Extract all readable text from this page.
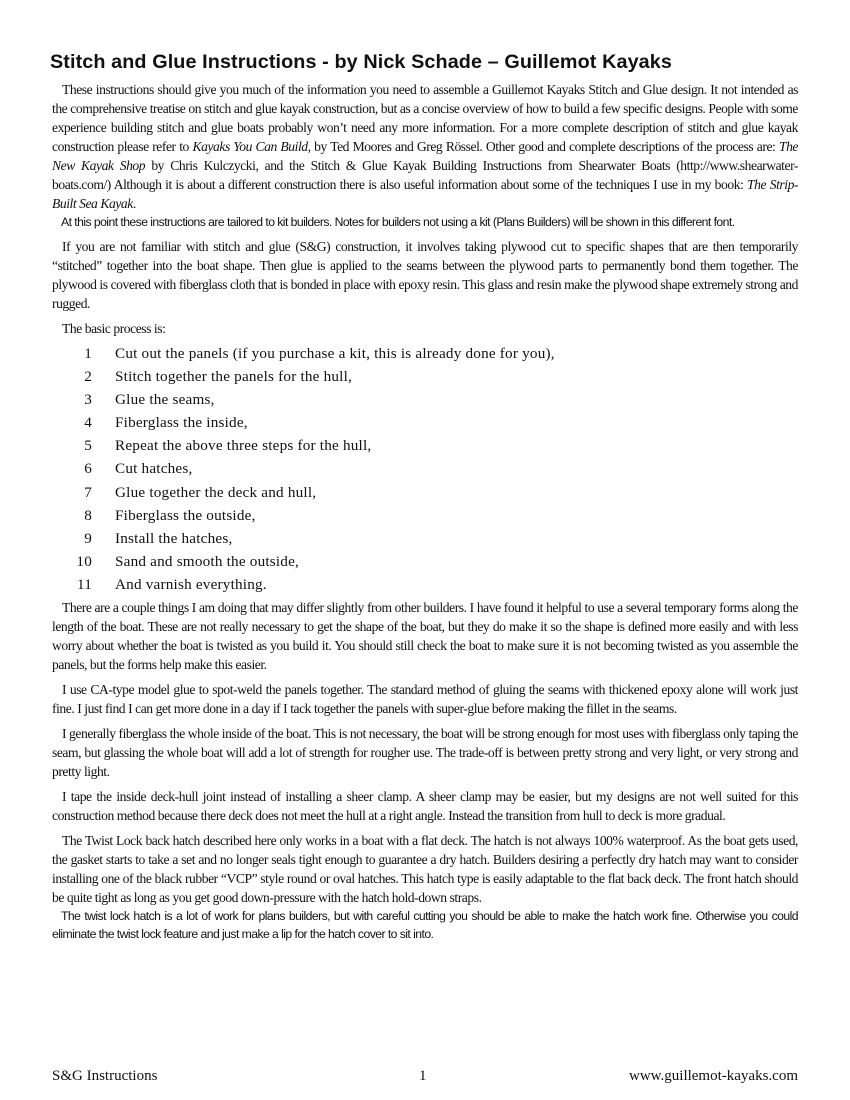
Stitch and Glue Instructions - by Nick Schade – Guillemot Kayaks

These instructions should give you much of the information you need to assemble a Guillemot Kayaks Stitch and Glue design. It not intended as the comprehensive treatise on stitch and glue kayak construction, but as a concise overview of how to build a few specific designs. People with some experience building stitch and glue boats probably won’t need any more information. For a more complete description of stitch and glue kayak construction please refer to Kayaks You Can Build, by Ted Moores and Greg Rössel. Other good and complete descriptions of the process are: The New Kayak Shop by Chris Kulczycki, and the Stitch & Glue Kayak Building Instructions from Shearwater Boats (http://www.shearwater-boats.com/) Although it is about a different construction there is also useful information about some of the techniques I use in my book: The Strip-Built Sea Kayak.

At this point these instructions are tailored to kit builders. Notes for builders not using a kit (Plans Builders) will be shown in this different font.

If you are not familiar with stitch and glue (S&G) construction, it involves taking plywood cut to specific shapes that are then temporarily “stitched” together into the boat shape. Then glue is applied to the seams between the plywood parts to permanently bond them together. The plywood is covered with fiberglass cloth that is bonded in place with epoxy resin. This glass and resin make the plywood shape extremely strong and rugged.

The basic process is:

1 Cut out the panels (if you purchase a kit, this is already done for you),
2 Stitch together the panels for the hull,
3 Glue the seams,
4 Fiberglass the inside,
5 Repeat the above three steps for the hull,
6 Cut hatches,
7 Glue together the deck and hull,
8 Fiberglass the outside,
9 Install the hatches,
10 Sand and smooth the outside,
11 And varnish everything.

There are a couple things I am doing that may differ slightly from other builders. I have found it helpful to use a several temporary forms along the length of the boat. These are not really necessary to get the shape of the boat, but they do make it so the shape is defined more easily and with less worry about whether the boat is twisted as you build it. You should still check the boat to make sure it is not becoming twisted as you assemble the panels, but the forms help make this easier.

I use CA-type model glue to spot-weld the panels together. The standard method of gluing the seams with thickened epoxy alone will work just fine. I just find I can get more done in a day if I tack together the panels with super-glue before making the fillet in the seams.

I generally fiberglass the whole inside of the boat. This is not necessary, the boat will be strong enough for most uses with fiberglass only taping the seam, but glassing the whole boat will add a lot of strength for rougher use. The trade-off is between pretty strong and very light, or very strong and pretty light.

I tape the inside deck-hull joint instead of installing a sheer clamp. A sheer clamp may be easier, but my designs are not well suited for this construction method because there deck does not meet the hull at a right angle. Instead the transition from hull to deck is more gradual.

The Twist Lock back hatch described here only works in a boat with a flat deck. The hatch is not always 100% waterproof. As the boat gets used, the gasket starts to take a set and no longer seals tight enough to guarantee a dry hatch. Builders desiring a perfectly dry hatch may want to consider installing one of the black rubber “VCP” style round or oval hatches. This hatch type is easily adaptable to the flat back deck. The front hatch should be quite tight as long as you get good down-pressure with the hatch hold-down straps.

The twist lock hatch is a lot of work for plans builders, but with careful cutting you should be able to make the hatch work fine. Otherwise you could eliminate the twist lock feature and just make a lip for the hatch cover to sit into.

S&G Instructions	1	www.guillemot-kayaks.com
